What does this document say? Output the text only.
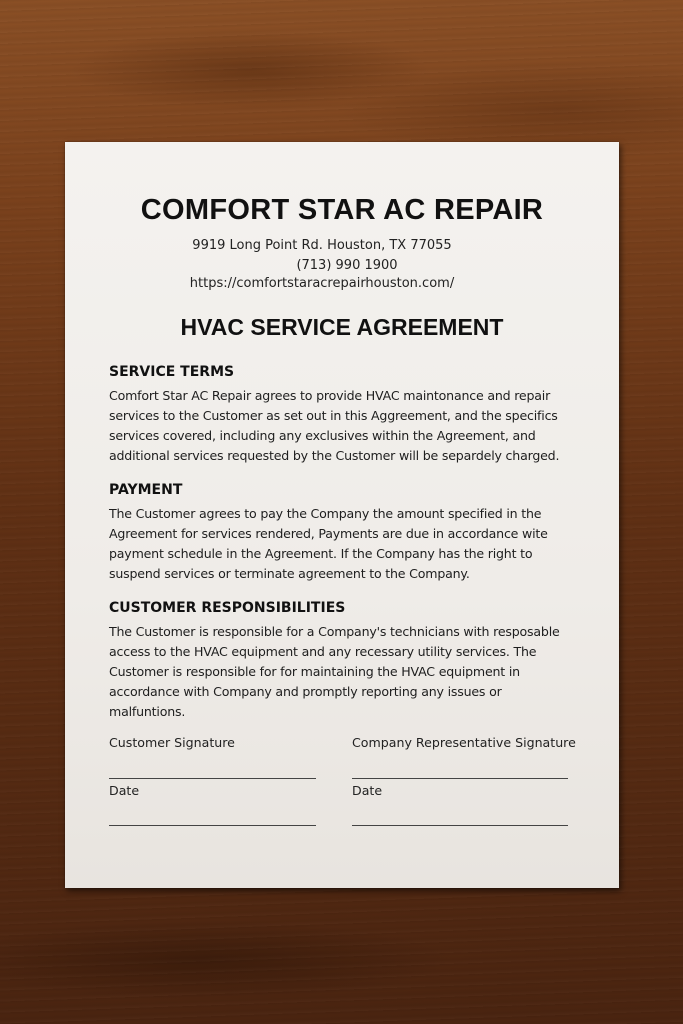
COMFORT STAR AC REPAIR
9919 Long Point Rd. Houston, TX 77055
(713) 990 1900
https://comfortstaracrepairhouston.com/
HVAC SERVICE AGREEMENT
SERVICE TERMS

Comfort Star AC Repair agrees to provide HVAC maintonance and repair services to the Customer as set out in this Aggreement, and the specifics services covered, including any exclusives within the Agreement, and additional services requested by the Customer will be separdely charged.

PAYMENT

The Customer agrees to pay the Company the amount specified in the Agreement for services rendered, Payments are due in accordance wite payment schedule in the Agreement. If the Company has the right to suspend services or terminate agreement to the Company.

CUSTOMER RESPONSIBILITIES

The Customer is responsible for a Company's technicians with resposable access to the HVAC equipment and any recessary utility services. The Customer is responsible for for maintaining the HVAC equipment in accordance with Company and promptly reporting any issues or malfuntions.

Customer Signature
Date
Company Representative Signature
Date
